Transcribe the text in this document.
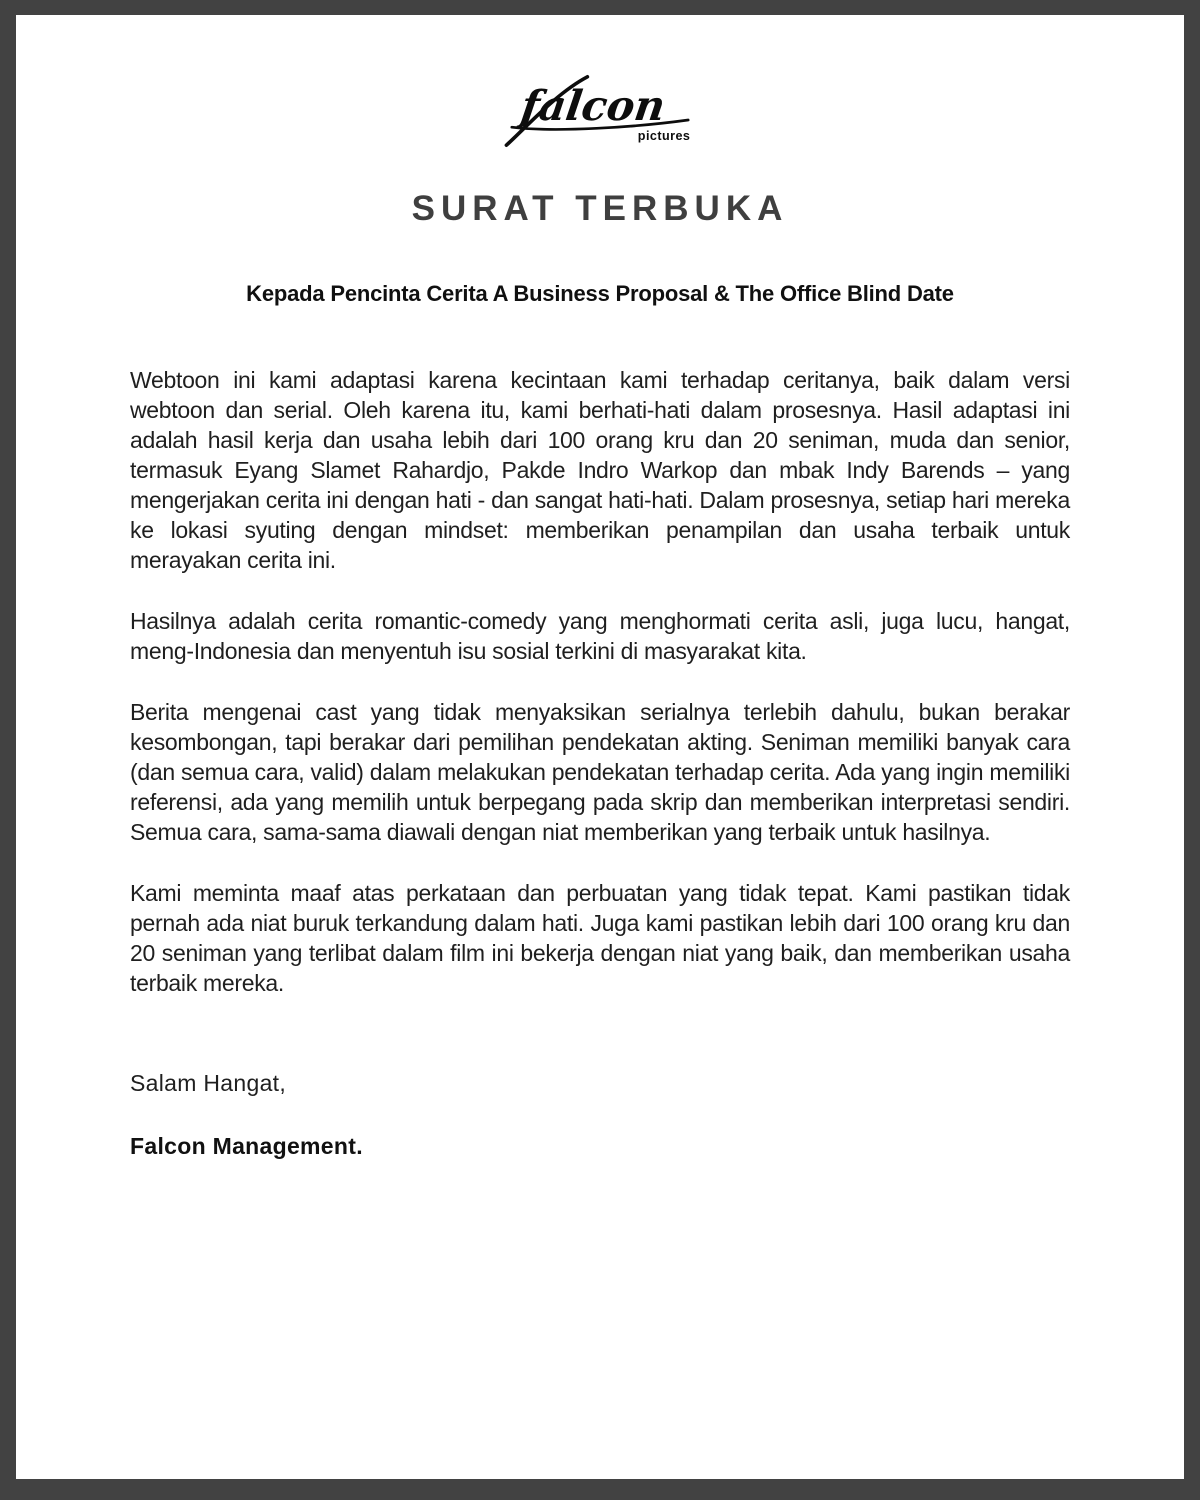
falcon
pictures
SURAT TERBUKA
Kepada Pencinta Cerita A Business Proposal & The Office Blind Date

Webtoon ini kami adaptasi karena kecintaan kami terhadap ceritanya, baik dalam versi webtoon dan serial. Oleh karena itu, kami berhati-hati dalam prosesnya. Hasil adaptasi ini adalah hasil kerja dan usaha lebih dari 100 orang kru dan 20 seniman, muda dan senior, termasuk Eyang Slamet Rahardjo, Pakde Indro Warkop dan mbak Indy Barends – yang mengerjakan cerita ini dengan hati - dan sangat hati-hati. Dalam prosesnya, setiap hari mereka ke lokasi syuting dengan mindset: memberikan penampilan dan usaha terbaik untuk merayakan cerita ini.

Hasilnya adalah cerita romantic-comedy yang menghormati cerita asli, juga lucu, hangat, meng-Indonesia dan menyentuh isu sosial terkini di masyarakat kita.

Berita mengenai cast yang tidak menyaksikan serialnya terlebih dahulu, bukan berakar kesombongan, tapi berakar dari pemilihan pendekatan akting. Seniman memiliki banyak cara (dan semua cara, valid) dalam melakukan pendekatan terhadap cerita. Ada yang ingin memiliki referensi, ada yang memilih untuk berpegang pada skrip dan memberikan interpretasi sendiri. Semua cara, sama-sama diawali dengan niat memberikan yang terbaik untuk hasilnya.

Kami meminta maaf atas perkataan dan perbuatan yang tidak tepat. Kami pastikan tidak pernah ada niat buruk terkandung dalam hati. Juga kami pastikan lebih dari 100 orang kru dan 20 seniman yang terlibat dalam film ini bekerja dengan niat yang baik, dan memberikan usaha terbaik mereka.

Salam Hangat,

Falcon Management.
